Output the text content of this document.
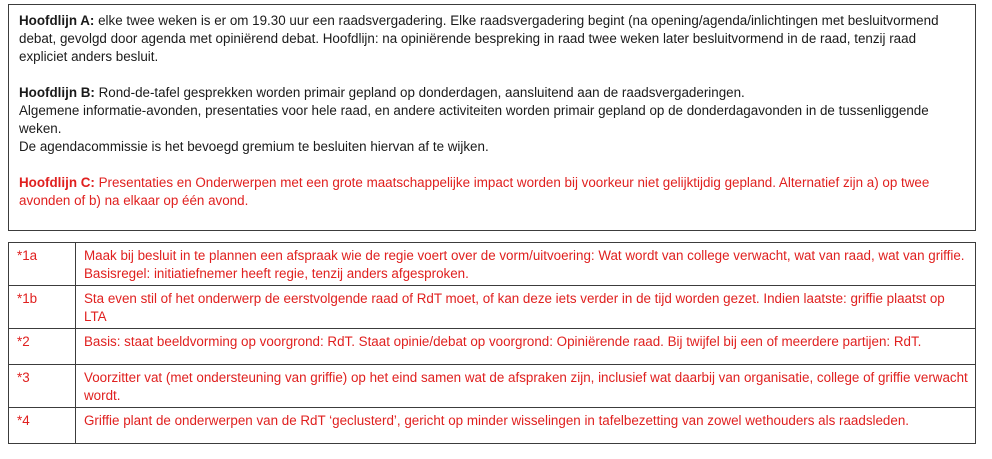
Hoofdlijn A: elke twee weken is er om 19.30 uur een raadsvergadering. Elke raadsvergadering begint (na opening/agenda/inlichtingen met besluitvormend debat, gevolgd door agenda met opiniërend debat. Hoofdlijn: na opiniërende bespreking in raad twee weken later besluitvormend in de raad, tenzij raad expliciet anders besluit.

Hoofdlijn B: Rond-de-tafel gesprekken worden primair gepland op donderdagen, aansluitend aan de raadsvergaderingen.
Algemene informatie-avonden, presentaties voor hele raad, en andere activiteiten worden primair gepland op de donderdagavonden in de tussenliggende weken.
De agendacommissie is het bevoegd gremium te besluiten hiervan af te wijken.

Hoofdlijn C: Presentaties en Onderwerpen met een grote maatschappelijke impact worden bij voorkeur niet gelijktijdig gepland. Alternatief zijn a) op twee avonden of b) na elkaar op één avond.

*1a	Maak bij besluit in te plannen een afspraak wie de regie voert over de vorm/uitvoering: Wat wordt van college verwacht, wat van raad, wat van griffie. Basisregel: initiatiefnemer heeft regie, tenzij anders afgesproken.
*1b	Sta even stil of het onderwerp de eerstvolgende raad of RdT moet, of kan deze iets verder in de tijd worden gezet. Indien laatste: griffie plaatst op LTA
*2	Basis: staat beeldvorming op voorgrond: RdT. Staat opinie/debat op voorgrond: Opiniërende raad. Bij twijfel bij een of meerdere partijen: RdT.
*3	Voorzitter vat (met ondersteuning van griffie) op het eind samen wat de afspraken zijn, inclusief wat daarbij van organisatie, college of griffie verwacht wordt.
*4	Griffie plant de onderwerpen van de RdT ‘geclusterd’, gericht op minder wisselingen in tafelbezetting van zowel wethouders als raadsleden.
